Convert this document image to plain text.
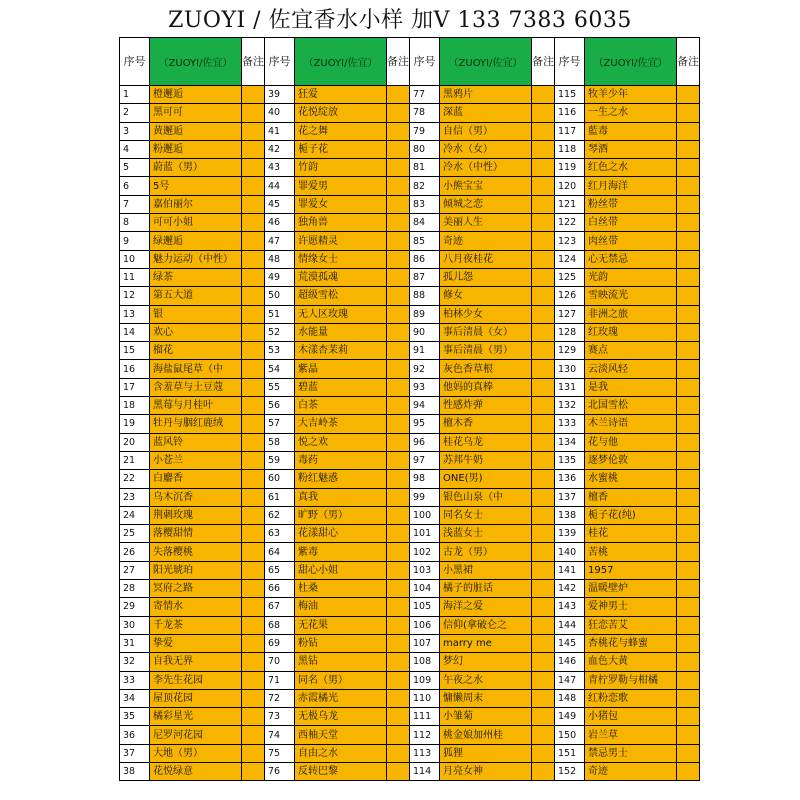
ZUOYI / 佐宜香水小样 加V 133 7383 6035
序号	（ZUOYI/佐宜）	备注	序号	（ZUOYI/佐宜）	备注	序号	（ZUOYI/佐宜）	备注	序号	（ZUOYI/佐宜）	备注
1	橙邂逅		39	狂爱		77	黑鸦片		115	牧羊少年	
2	黑可可		40	花悦绽放		78	深蓝		116	一生之水	
3	黄邂逅		41	花之舞		79	自信（男）		117	藍毒	
4	粉邂逅		42	栀子花		80	冷水（女）		118	琴酒	
5	蔚蓝（男）		43	竹韵		81	冷水（中性）		119	红色之水	
6	5号		44	罪爱男		82	小熊宝宝		120	红月海洋	
7	嘉伯丽尔		45	罪爱女		83	倾城之恋		121	粉丝带	
8	可可小姐		46	独角兽		84	美丽人生		122	白丝带	
9	绿邂逅		47	许愿精灵		85	奇迹		123	肉丝带	
10	魅力运动（中性）		48	情缘女士		86	八月夜桂花		124	心无禁忌	
11	绿茶		49	荒漠孤魂		87	孤儿怨		125	光韵	
12	第五大道		50	超级雪松		88	修女		126	雪映流光	
13	银		51	无人区玫瑰		89	柏林少女		127	非洲之旅	
14	欢心		52	水能量		90	事后清晨（女）		128	红玫瑰	
15	榴花		53	木漾杏茉莉		91	事后清晨（男）		129	赛点	
16	海盐鼠尾草（中		54	紫晶		92	灰色香草根		130	云淡风轻	
17	含羞草与土豆蔻		55	碧蓝		93	他妈的真棒		131	是我	
18	黑莓与月桂叶		56	白茶		94	性感炸弹		132	北国雪松	
19	牡丹与胭红鹿绒		57	大吉岭茶		95	檀木香		133	木兰诗语	
20	蓝风铃		58	悦之欢		96	桂花乌龙		134	花与他	
21	小苍兰		59	毒药		97	苏邦牛奶		135	逐梦伦敦	
22	白麝香		60	粉红魅惑		98	ONE(男)		136	水蜜桃	
23	乌木沉香		61	真我		99	银色山泉（中		137	檀香	
24	荆刺玫瑰		62	旷野（男）		100	同名女士		138	栀子花(纯)	
25	落樱甜情		63	花漾甜心		101	浅蓝女士		139	桂花	
26	失落樱桃		64	紫毒		102	古龙（男）		140	苦桃	
27	阳光琥珀		65	甜心小姐		103	小黑裙		141	1957	
28	冥府之路		66	杜桑		104	橘子的脏话		142	温暖壁炉	
29	寄情水		67	梅油		105	海洋之爱		143	爱神男士	
30	千龙茶		68	无花果		106	信仰(拿破仑之		144	狂恋苦艾	
31	挚爱		69	粉钻		107	marry me		145	杏桃花与蜂蜜	
32	自我无界		70	黑钻		108	梦幻		146	血色大黄	
33	李先生花园		71	同名（男）		109	午夜之水		147	青柠罗勒与柑橘	
34	屋顶花园		72	赤霞橘光		110	慵懒周末		148	红粉恋歌	
35	橘彩星光		73	无极乌龙		111	小雏菊		149	小猪包	
36	尼罗河花园		74	西柚天堂		112	桃金娘加州桂		150	岩兰草	
37	大地（男）		75	自由之水		113	狐狸		151	禁忌男士	
38	花悦绿意		76	反转巴黎		114	月亮女神		152	奇迹	
